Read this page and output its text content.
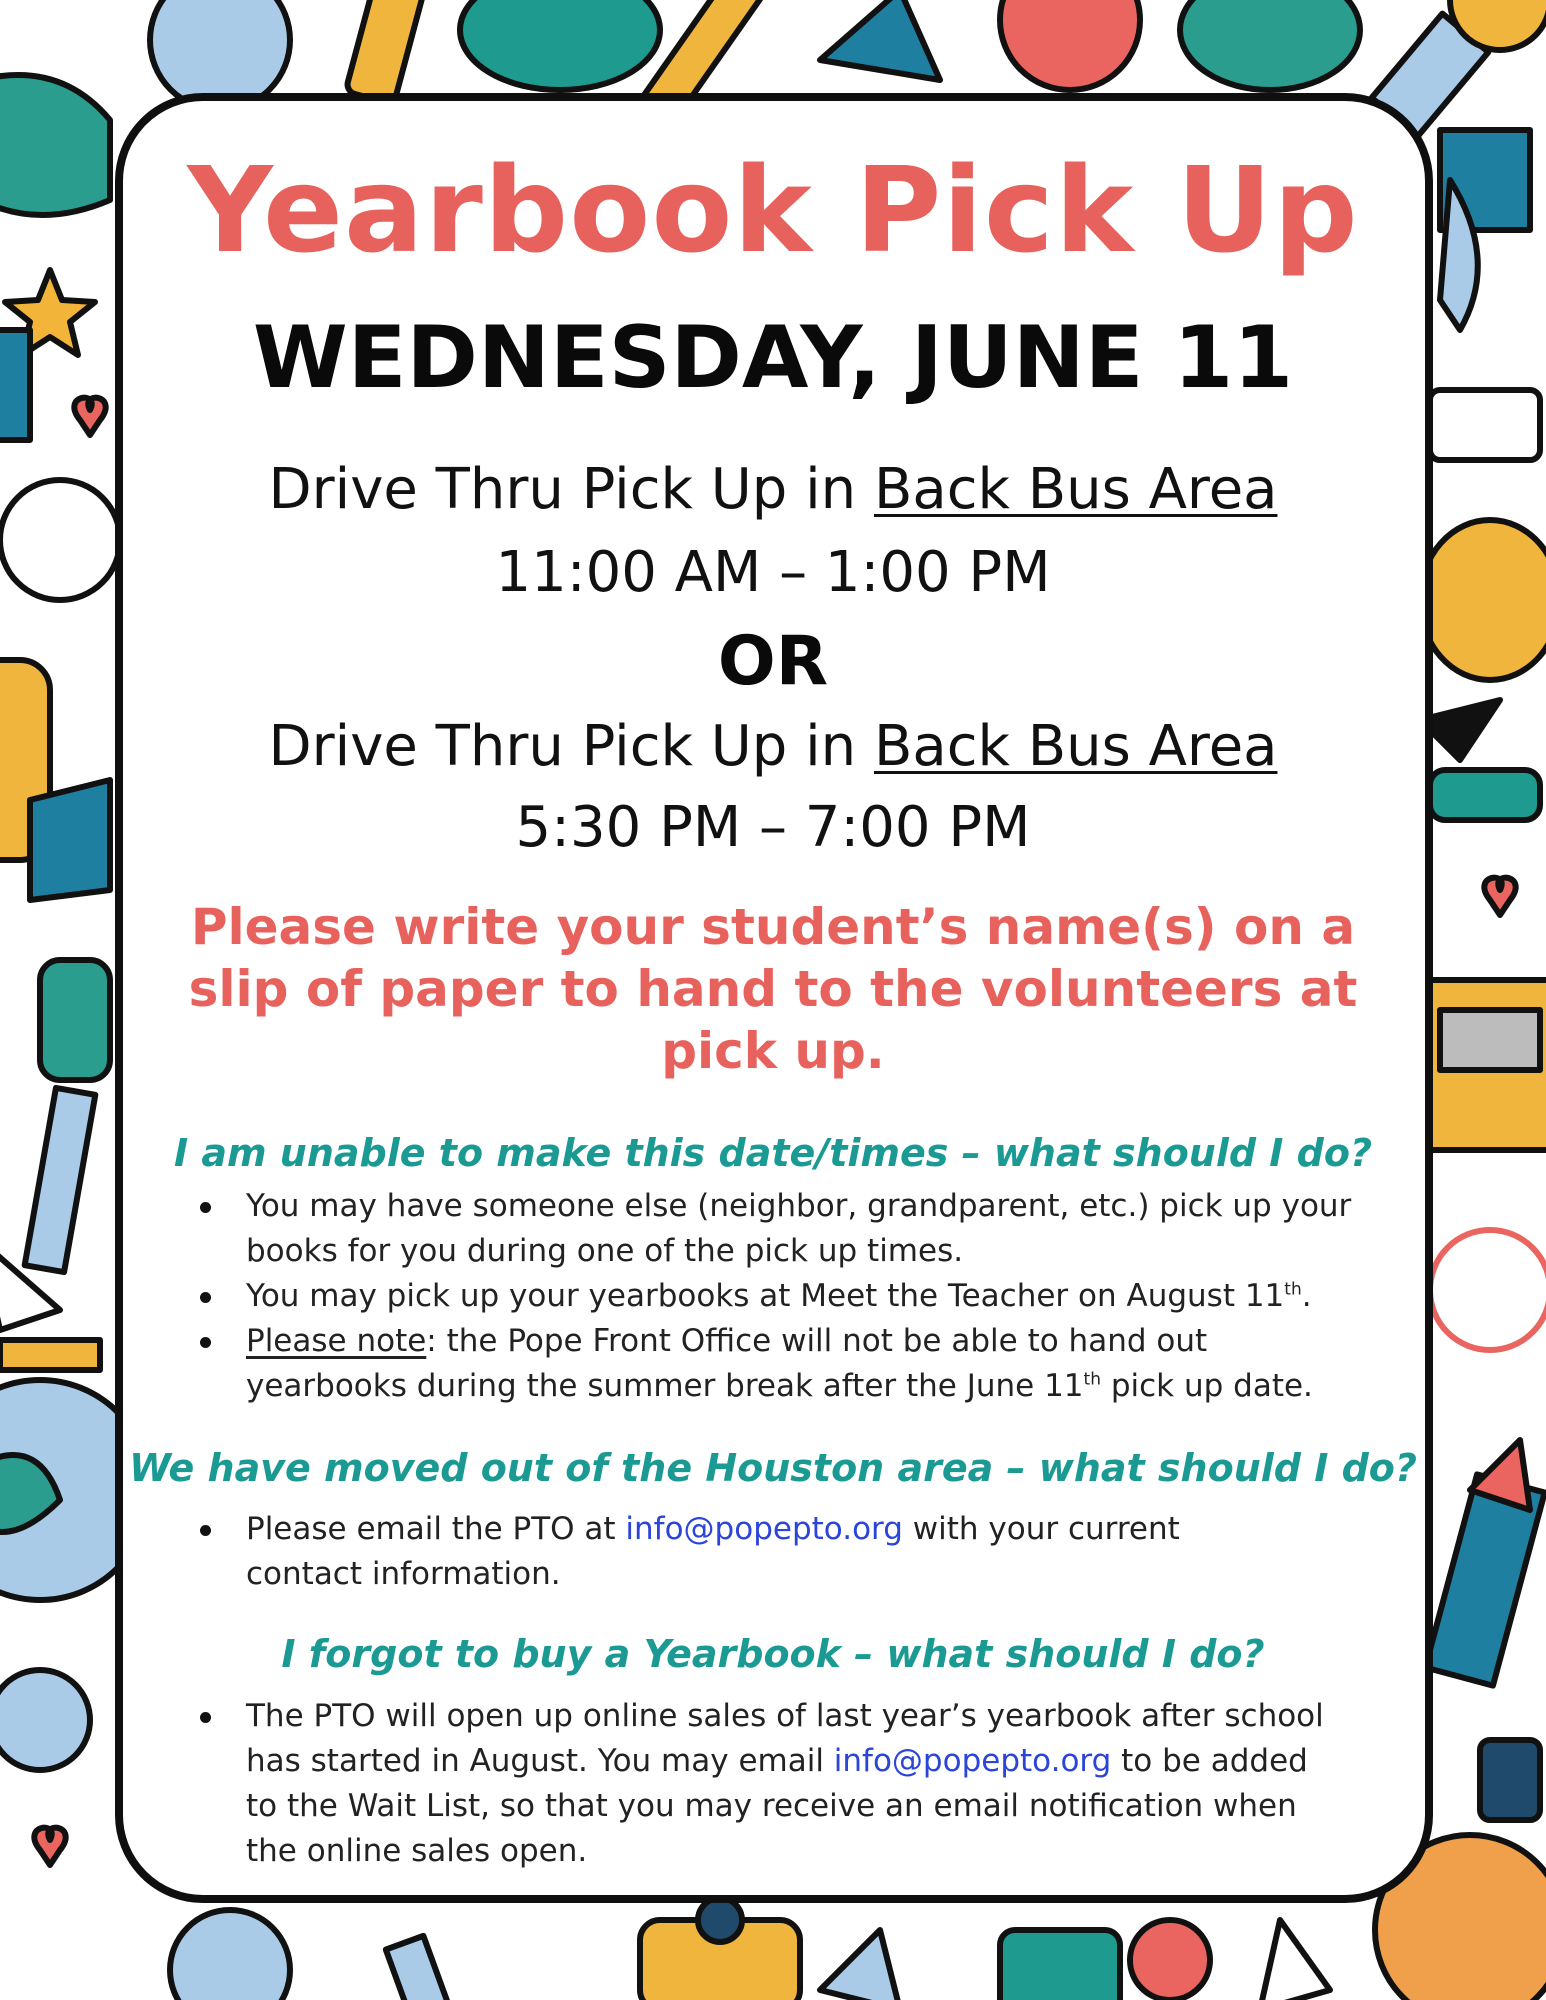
Yearbook Pick Up
WEDNESDAY, JUNE 11
Drive Thru Pick Up in Back Bus Area
11:00 AM – 1:00 PM
OR
Drive Thru Pick Up in Back Bus Area
5:30 PM – 7:00 PM
Please write your student’s name(s) on a slip of paper to hand to the volunteers at pick up.
I am unable to make this date/times – what should I do?
You may have someone else (neighbor, grandparent, etc.) pick up your books for you during one of the pick up times.
You may pick up your yearbooks at Meet the Teacher on August 11th.
Please note: the Pope Front Office will not be able to hand out yearbooks during the summer break after the June 11th pick up date.
We have moved out of the Houston area – what should I do?
Please email the PTO at info@popepto.org with your current contact information.
I forgot to buy a Yearbook – what should I do?
The PTO will open up online sales of last year’s yearbook after school has started in August. You may email info@popepto.org to be added to the Wait List, so that you may receive an email notification when the online sales open.
